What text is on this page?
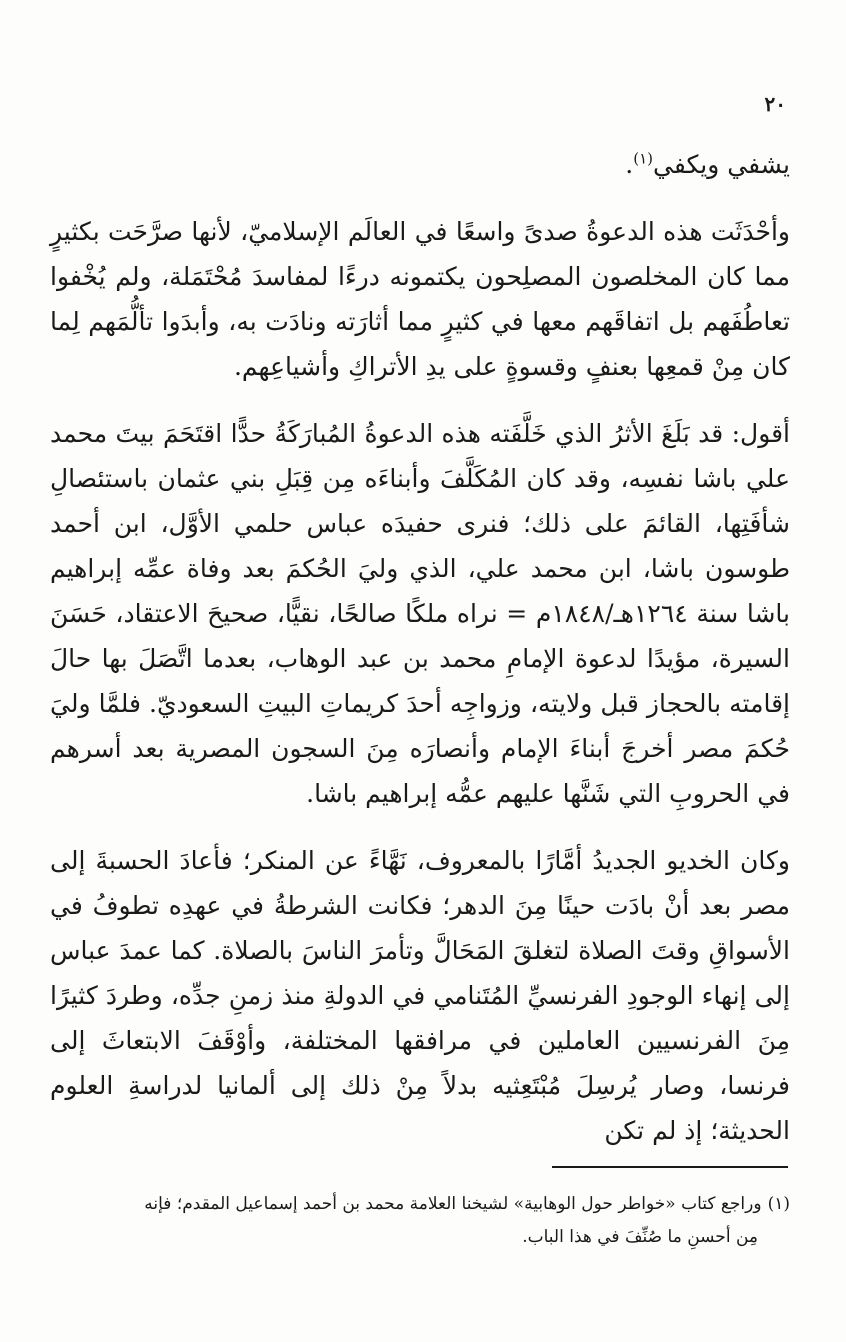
٢٠

يشفي ويكفي$^{(١)}$.

وأحْدَثَت هذه الدعوةُ صدىً واسعًا في العالَم الإسلاميّ، لأنها صرَّحَت بكثيرٍ مما كان المخلصون المصلِحون يكتمونه درءًا لمفاسدَ مُحْتَمَلة، ولم يُخْفوا تعاطُفَهم بل اتفاقَهم معها في كثيرٍ مما أثارَته ونادَت به، وأبدَوا تألُّمَهم لِما كان مِنْ قمعِها بعنفٍ وقسوةٍ على يدِ الأتراكِ وأشياعِهم.

أقول: قد بَلَغَ الأثرُ الذي خَلَّفَته هذه الدعوةُ المُبارَكَةُ حدًّا اقتَحَمَ بيتَ محمد علي باشا نفسِه، وقد كان المُكَلَّفَ وأبناءَه مِن قِبَلِ بني عثمان باستئصالِ شأفَتِها، القائمَ على ذلك؛ فنرى حفيدَه عباس حلمي الأوَّل، ابن أحمد طوسون باشا، ابن محمد علي، الذي وليَ الحُكمَ بعد وفاة عمِّه إبراهيم باشا سنة ١٢٦٤هـ/١٨٤٨م = نراه ملكًا صالحًا، نقيًّا، صحيحَ الاعتقاد، حَسَنَ السيرة، مؤيدًا لدعوة الإمامِ محمد بن عبد الوهاب، بعدما اتَّصَلَ بها حالَ إقامته بالحجاز قبل ولايته، وزواجِه أحدَ كريماتِ البيتِ السعوديّ. فلمَّا وليَ حُكمَ مصر أخرجَ أبناءَ الإمام وأنصارَه مِنَ السجون المصرية بعد أسرهم في الحروبِ التي شَنَّها عليهم عمُّه إبراهيم باشا.

وكان الخديو الجديدُ أمَّارًا بالمعروف، نَهَّاءً عن المنكر؛ فأعادَ الحسبةَ إلى مصر بعد أنْ بادَت حينًا مِنَ الدهر؛ فكانت الشرطةُ في عهدِه تطوفُ في الأسواقِ وقتَ الصلاة لتغلقَ المَحَالَّ وتأمرَ الناسَ بالصلاة. كما عمدَ عباس إلى إنهاء الوجودِ الفرنسيِّ المُتَنامي في الدولةِ منذ زمنِ جدِّه، وطردَ كثيرًا مِنَ الفرنسيين العاملين في مرافقها المختلفة، وأوْقَفَ الابتعاثَ إلى فرنسا، وصار يُرسِلَ مُبْتَعِثيه بدلاً مِنْ ذلك إلى ألمانيا لدراسةِ العلوم الحديثة؛ إذ لم تكن

(١)وراجع كتاب «خواطر حول الوهابية» لشيخنا العلامة محمد بن أحمد إسماعيل المقدم؛ فإنه
مِن أحسنِ ما صُنِّفَ في هذا الباب.
